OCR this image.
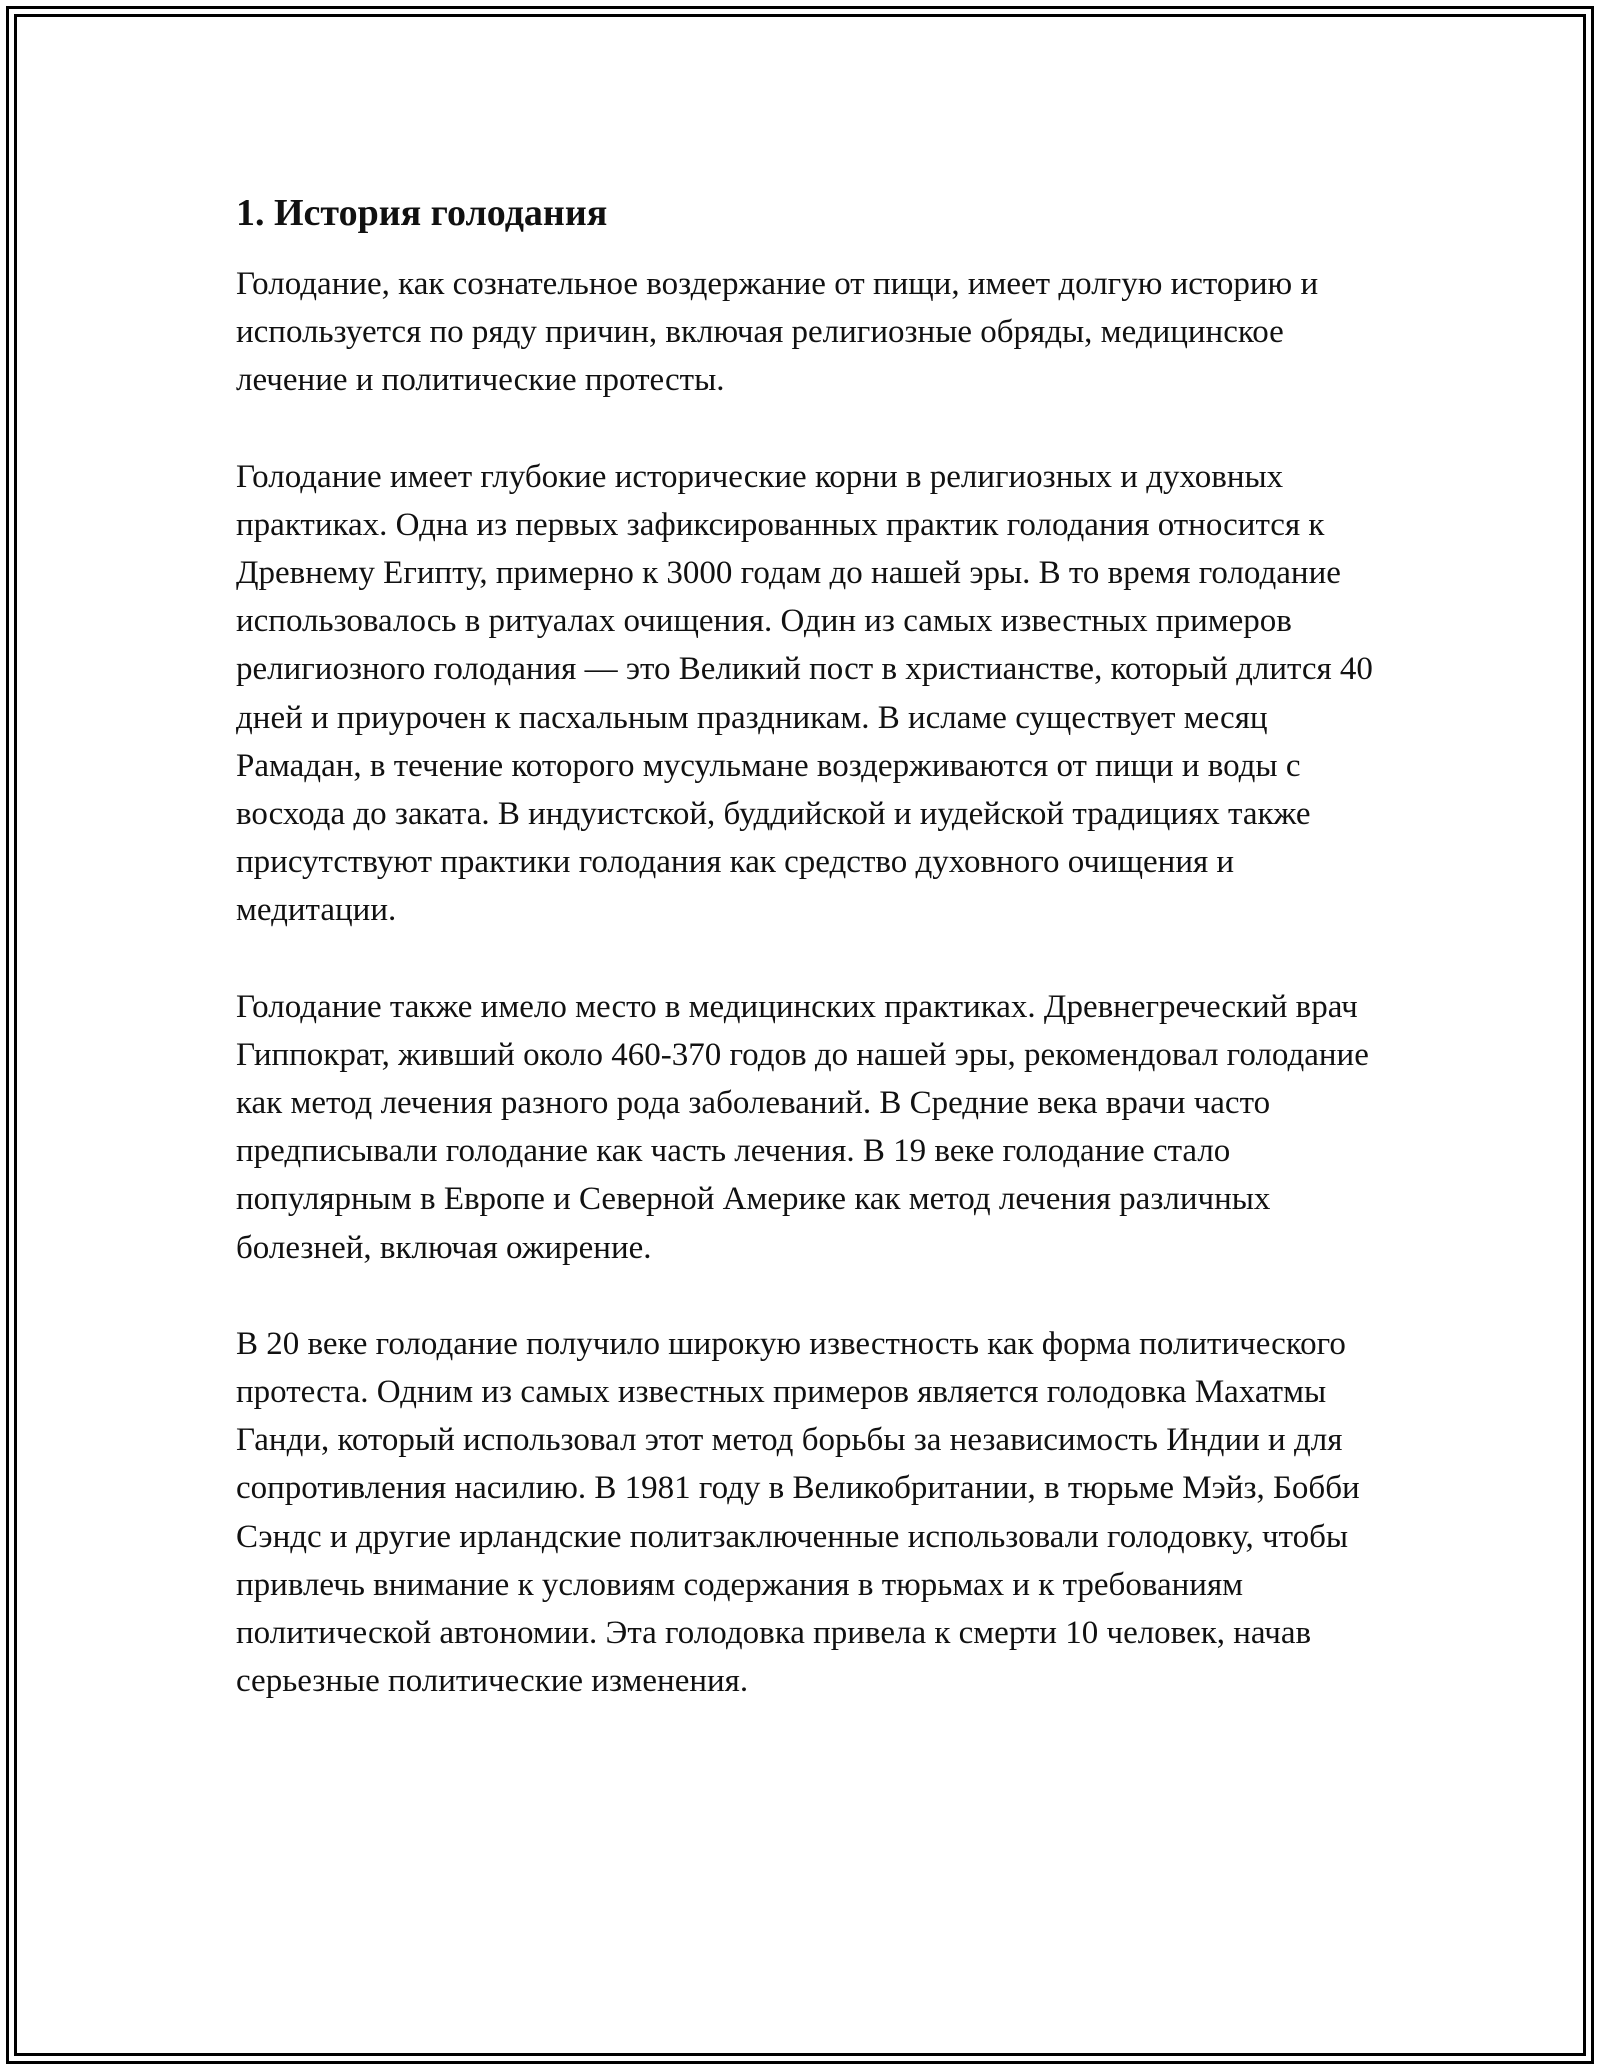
1. История голодания

Голодание, как сознательное воздержание от пищи, имеет долгую историю и используется по ряду причин, включая религиозные обряды, медицинское лечение и политические протесты.

Голодание имеет глубокие исторические корни в религиозных и духовных практиках. Одна из первых зафиксированных практик голодания относится к Древнему Египту, примерно к 3000 годам до нашей эры. В то время голодание использовалось в ритуалах очищения. Один из самых известных примеров религиозного голодания — это Великий пост в христианстве, который длится 40 дней и приурочен к пасхальным праздникам. В исламе существует месяц Рамадан, в течение которого мусульмане воздерживаются от пищи и воды с восхода до заката. В индуистской, буддийской и иудейской традициях также присутствуют практики голодания как средство духовного очищения и медитации.

Голодание также имело место в медицинских практиках. Древнегреческий врач Гиппократ, живший около 460-370 годов до нашей эры, рекомендовал голодание как метод лечения разного рода заболеваний. В Средние века врачи часто предписывали голодание как часть лечения. В 19 веке голодание стало популярным в Европе и Северной Америке как метод лечения различных болезней, включая ожирение.

В 20 веке голодание получило широкую известность как форма политического протеста. Одним из самых известных примеров является голодовка Махатмы Ганди, который использовал этот метод борьбы за независимость Индии и для сопротивления насилию. В 1981 году в Великобритании, в тюрьме Мэйз, Бобби Сэндс и другие ирландские политзаключенные использовали голодовку, чтобы привлечь внимание к условиям содержания в тюрьмах и к требованиям политической автономии. Эта голодовка привела к смерти 10 человек, начав серьезные политические изменения.
